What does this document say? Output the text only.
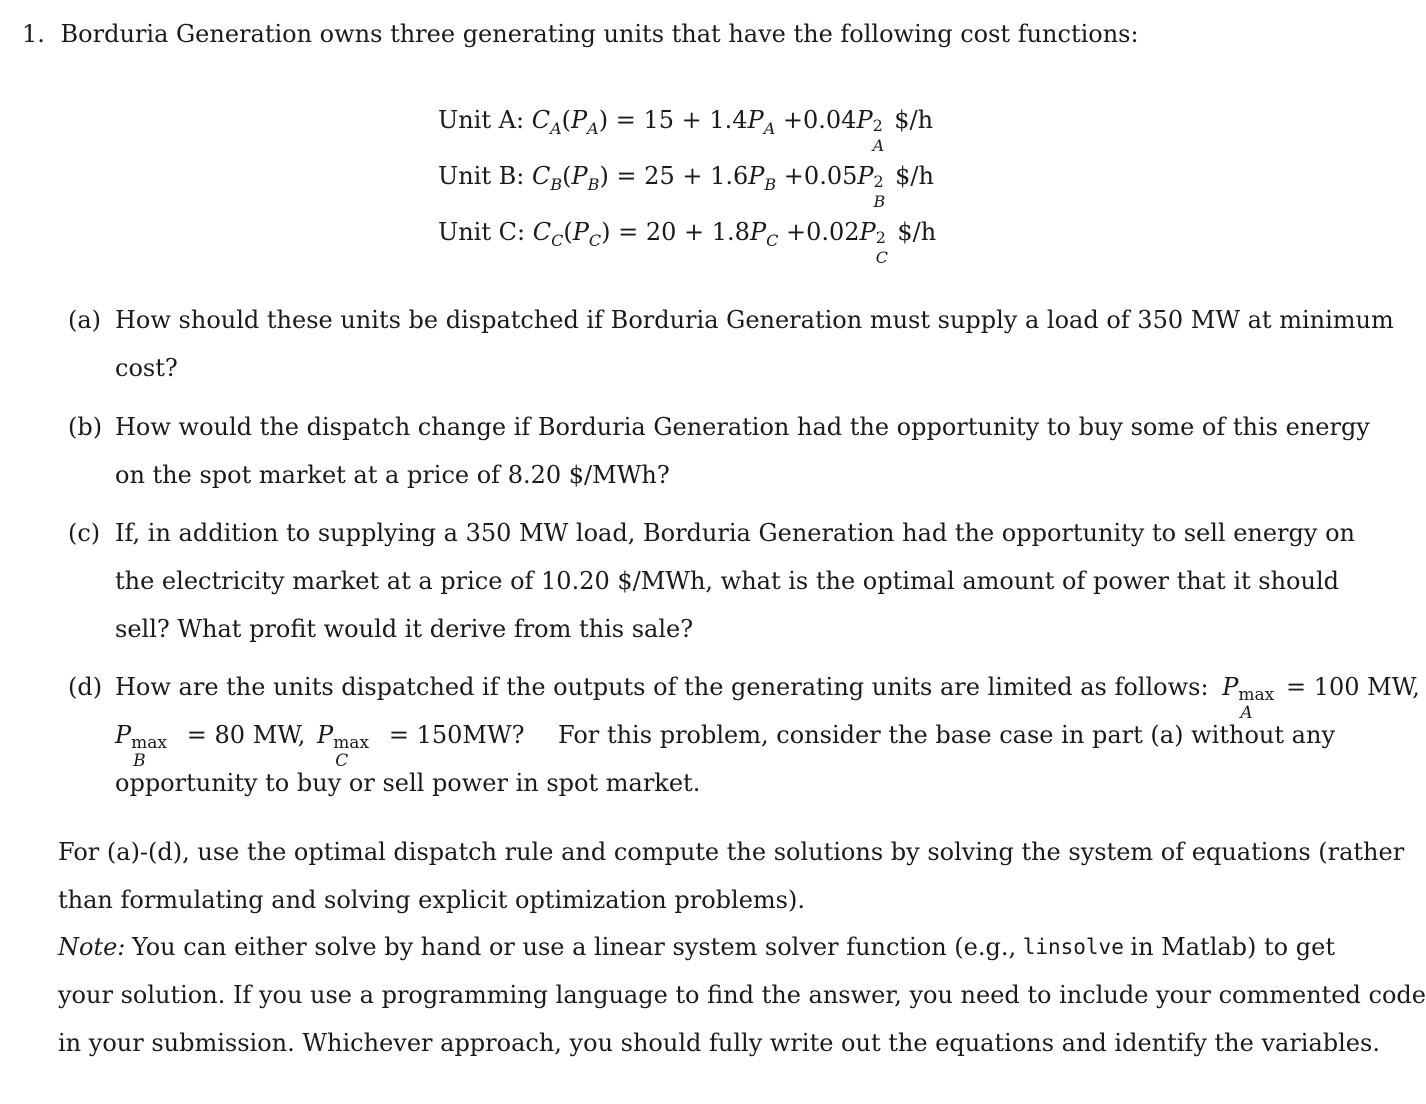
1. Borduria Generation owns three generating units that have the following cost functions:
Unit A: $C_A(P_A) = 15 + 1.4P_A +0.04P$ 2
A
$/h
Unit B: $C_B(P_B) = 25 + 1.6P_B +0.05P$ 2
B
$/h
Unit C: $C_C(P_C) = 20 + 1.8P_C +0.02P$ 2
C
$/h
(a) How should these units be dispatched if Borduria Generation must supply a load of 350 MW at minimum
cost?
(b) How would the dispatch change if Borduria Generation had the opportunity to buy some of this energy
on the spot market at a price of 8.20 $/MWh?
(c) If, in addition to supplying a 350 MW load, Borduria Generation had the opportunity to sell energy on
the electricity market at a price of 10.20 $/MWh, what is the optimal amount of power that it should
sell? What profit would it derive from this sale?
(d) How are the units dispatched if the outputs of the generating units are limited as follows: P max
A
= 100 MW,
P max
B
= 80 MW, P max
C
= 150MW? For this problem, consider the base case in part (a) without any
opportunity to buy or sell power in spot market.
For (a)-(d), use the optimal dispatch rule and compute the solutions by solving the system of equations (rather
than formulating and solving explicit optimization problems).
Note: You can either solve by hand or use a linear system solver function (e.g., linsolve in Matlab) to get
your solution. If you use a programming language to find the answer, you need to include your commented code
in your submission. Whichever approach, you should fully write out the equations and identify the variables.
